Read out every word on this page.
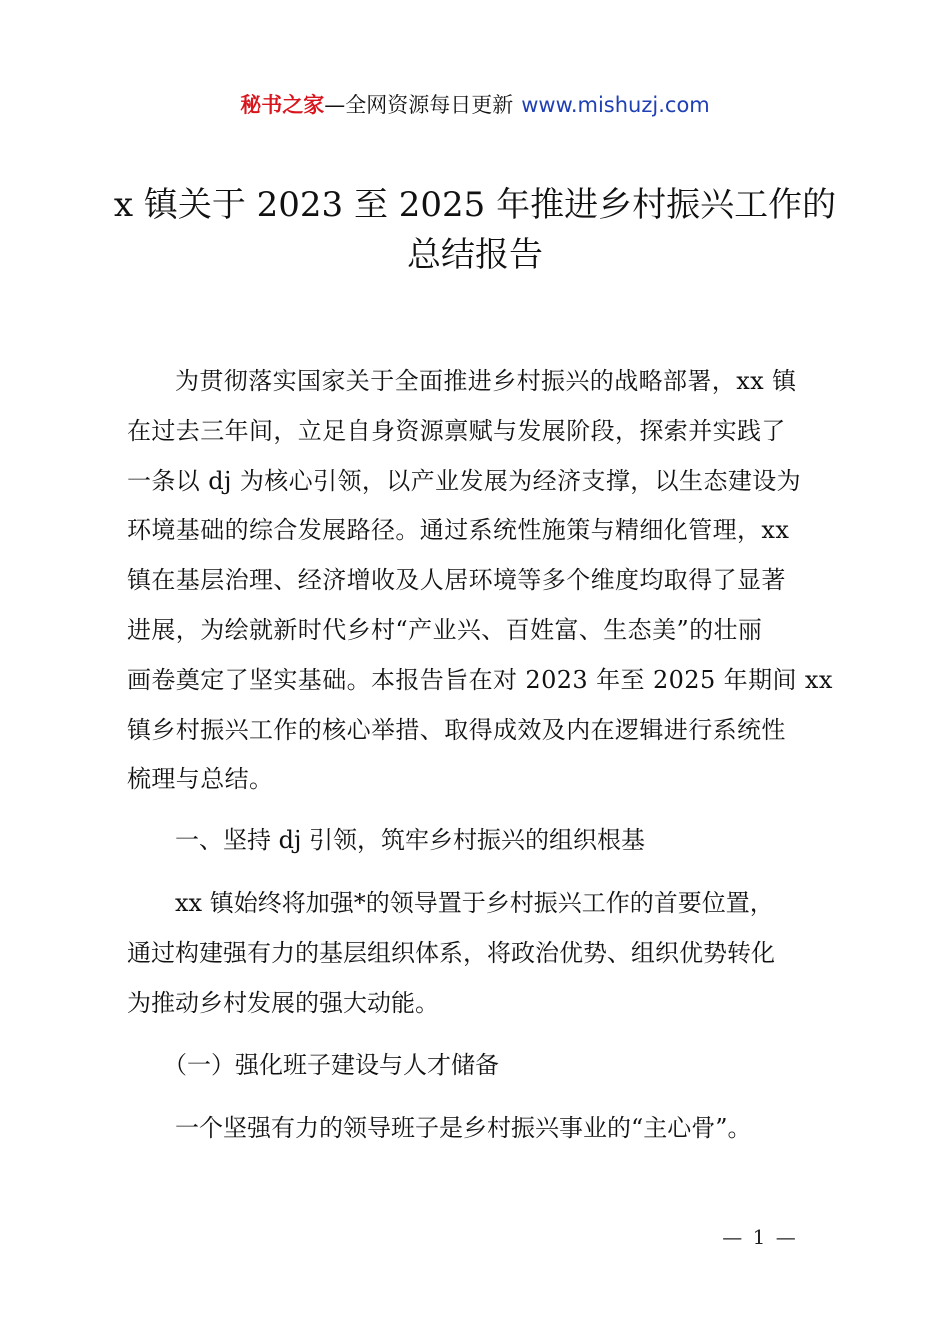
秘书之家—全网资源每日更新 www.mishuzj.com
x 镇关于 2023 至 2025 年推进乡村振兴工作的
总结报告
为贯彻落实国家关于全面推进乡村振兴的战略部署，xx 镇
在过去三年间，立足自身资源禀赋与发展阶段，探索并实践了
一条以 dj 为核心引领，以产业发展为经济支撑，以生态建设为
环境基础的综合发展路径。通过系统性施策与精细化管理，xx
镇在基层治理、经济增收及人居环境等多个维度均取得了显著
进展，为绘就新时代乡村“产业兴、百姓富、生态美”的壮丽
画卷奠定了坚实基础。本报告旨在对 2023 年至 2025 年期间 xx
镇乡村振兴工作的核心举措、取得成效及内在逻辑进行系统性
梳理与总结。
一、坚持 dj 引领，筑牢乡村振兴的组织根基
xx 镇始终将加强*的领导置于乡村振兴工作的首要位置，
通过构建强有力的基层组织体系，将政治优势、组织优势转化
为推动乡村发展的强大动能。
（一）强化班子建设与人才储备
一个坚强有力的领导班子是乡村振兴事业的“主心骨”。
— 1 —
